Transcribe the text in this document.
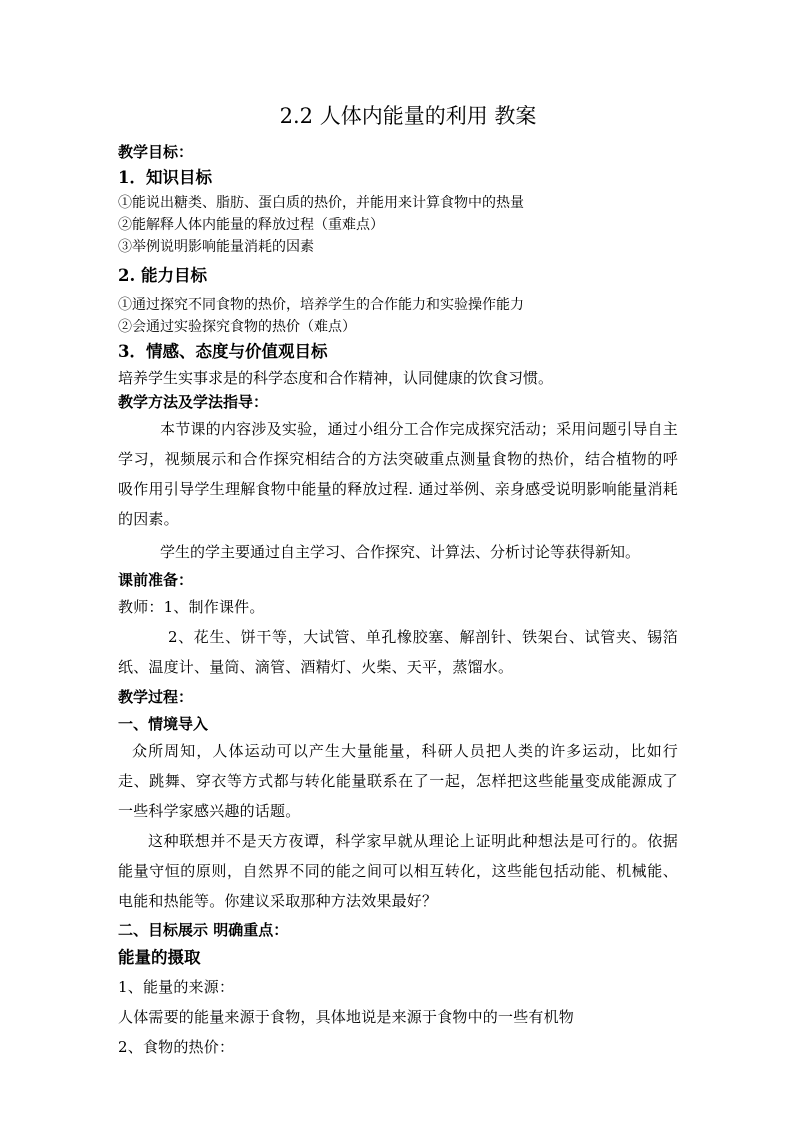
2.2 人体内能量的利用 教案
教学目标：
1．知识目标
①能说出糖类、脂肪、蛋白质的热价，并能用来计算食物中的热量
②能解释人体内能量的释放过程（重难点）
③举例说明影响能量消耗的因素
2. 能力目标
①通过探究不同食物的热价，培养学生的合作能力和实验操作能力
②会通过实验探究食物的热价（难点）
3．情感、态度与价值观目标
培养学生实事求是的科学态度和合作精神，认同健康的饮食习惯。
教学方法及学法指导：
本节课的内容涉及实验，通过小组分工合作完成探究活动；采用问题引导自主学习，视频展示和合作探究相结合的方法突破重点测量食物的热价，结合植物的呼吸作用引导学生理解食物中能量的释放过程. 通过举例、亲身感受说明影响能量消耗的因素。
学生的学主要通过自主学习、合作探究、计算法、分析讨论等获得新知。
课前准备：
教师：1、制作课件。
2、花生、饼干等，大试管、单孔橡胶塞、解剖针、铁架台、试管夹、锡箔纸、温度计、量筒、滴管、酒精灯、火柴、天平，蒸馏水。
教学过程：
一、情境导入
众所周知，人体运动可以产生大量能量，科研人员把人类的许多运动，比如行走、跳舞、穿衣等方式都与转化能量联系在了一起，怎样把这些能量变成能源成了一些科学家感兴趣的话题。
这种联想并不是天方夜谭，科学家早就从理论上证明此种想法是可行的。依据能量守恒的原则，自然界不同的能之间可以相互转化，这些能包括动能、机械能、电能和热能等。你建议采取那种方法效果最好？
二、目标展示 明确重点：
能量的摄取
1、能量的来源：
人体需要的能量来源于食物，具体地说是来源于食物中的一些有机物
2、食物的热价：
